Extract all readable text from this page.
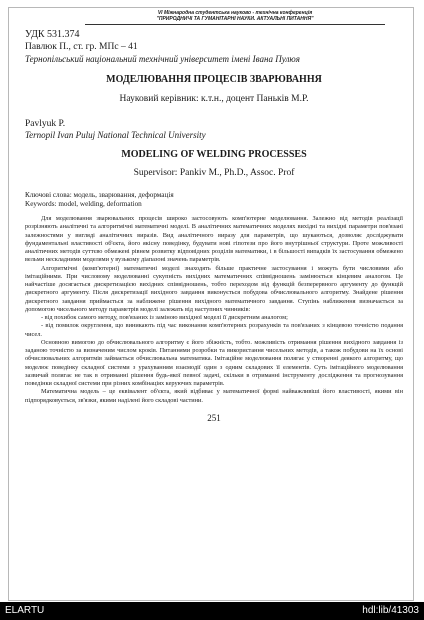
VI Міжнародна студентська науково - технічна конференція
"ПРИРОДНИЧІ ТА ГУМАНІТАРНІ НАУКИ. АКТУАЛЬНІ ПИТАННЯ"
УДК 531.374
Павлюк П., ст. гр. МПс – 41
Тернопільський національний технічний університет імені Івана Пулюя
МОДЕЛЮВАННЯ ПРОЦЕСІВ ЗВАРЮВАННЯ
Науковий керівник: к.т.н., доцент Паньків М.Р.
Pavlyuk P.
Ternopil Ivan Puluj National Technical University
MODELING OF WELDING PROCESSES
Supervisor: Pankiv M., Ph.D., Assoc. Prof
Ключові слова: модель, зварювання, деформація
Keywords: model, welding, deformation

Для моделювання зварювальних процесів широко застосовують комп'ютерне моделювання. Залежно від методів реалізації розрізняють аналітичні та алгоритмічні математичні моделі. В аналітичних математичних моделях вихідні та вихідні параметри пов'язані залежностями у вигляді аналітичних виразів. Вид аналітичного виразу для параметрів, що шукаються, дозволяє досліджувати фундаментальні властивості об'єкта, його якісну поведінку, будувати нові гіпотези про його внутрішньої структури. Проте можливості аналітичних методів суттєво обмежені рівнем розвитку відповідних розділів математики, і в більшості випадків їх застосування обмежено вельми нескладними моделями у вузькому діапазоні значень параметрів.

Алгоритмічні (комп'ютерні) математичні моделі знаходять більше практичне застосування і можуть бути числовими або імітаційними. При числовому моделюванні сукупність вихідних математичних співвідношень замінюється кінцевим аналогом. Це найчастіше досягається дискретизацією вихідних співвідношень, тобто переходом від функцій безперервного аргументу до функцій дискретного аргументу. Після дискретизації вихідного завдання виконується побудова обчислювального алгоритму. Знайдене рішення дискретного завдання приймається за наближене рішення вихідного математичного завдання. Ступінь наближення визначається за допомогою чисельного методу параметрів моделі залежать від наступних чинників:

- від похибок самого методу, пов'язаних із заміною вихідної моделі її дискретним аналогом;

- від помилок округлення, що виникають під час виконання комп'ютерних розрахунків та пов'язаних з кінцевою точністю подання чисел.

Основною вимогою до обчислювального алгоритму є його збіжність, тобто. можливість отримання рішення вихідного завдання із заданою точністю за визначеним числом кроків. Питаннями розробки та використання чисельних методів, а також побудови на їх основі обчислювальних алгоритмів займається обчислювальна математика. Імітаційне моделювання полягає у створенні деякого алгоритму, що моделює поведінку складної системи з урахуванням взаємодії один з одним складових її елементів. Суть імітаційного моделювання зазвичай полягає не так в отриманні рішення будь-якої певної задачі, скільки в отриманні інструменту дослідження та прогнозування поведінки складної системи при різних комбінаціях керуючих параметрів.

Математична модель – це еквівалент об'єкта, який відбиває у математичної формі найважливіші його властивості, якими він підпорядковується, зв'язки, якими наділені його складові частини.

251
ELARTU	hdl:lib/41303
